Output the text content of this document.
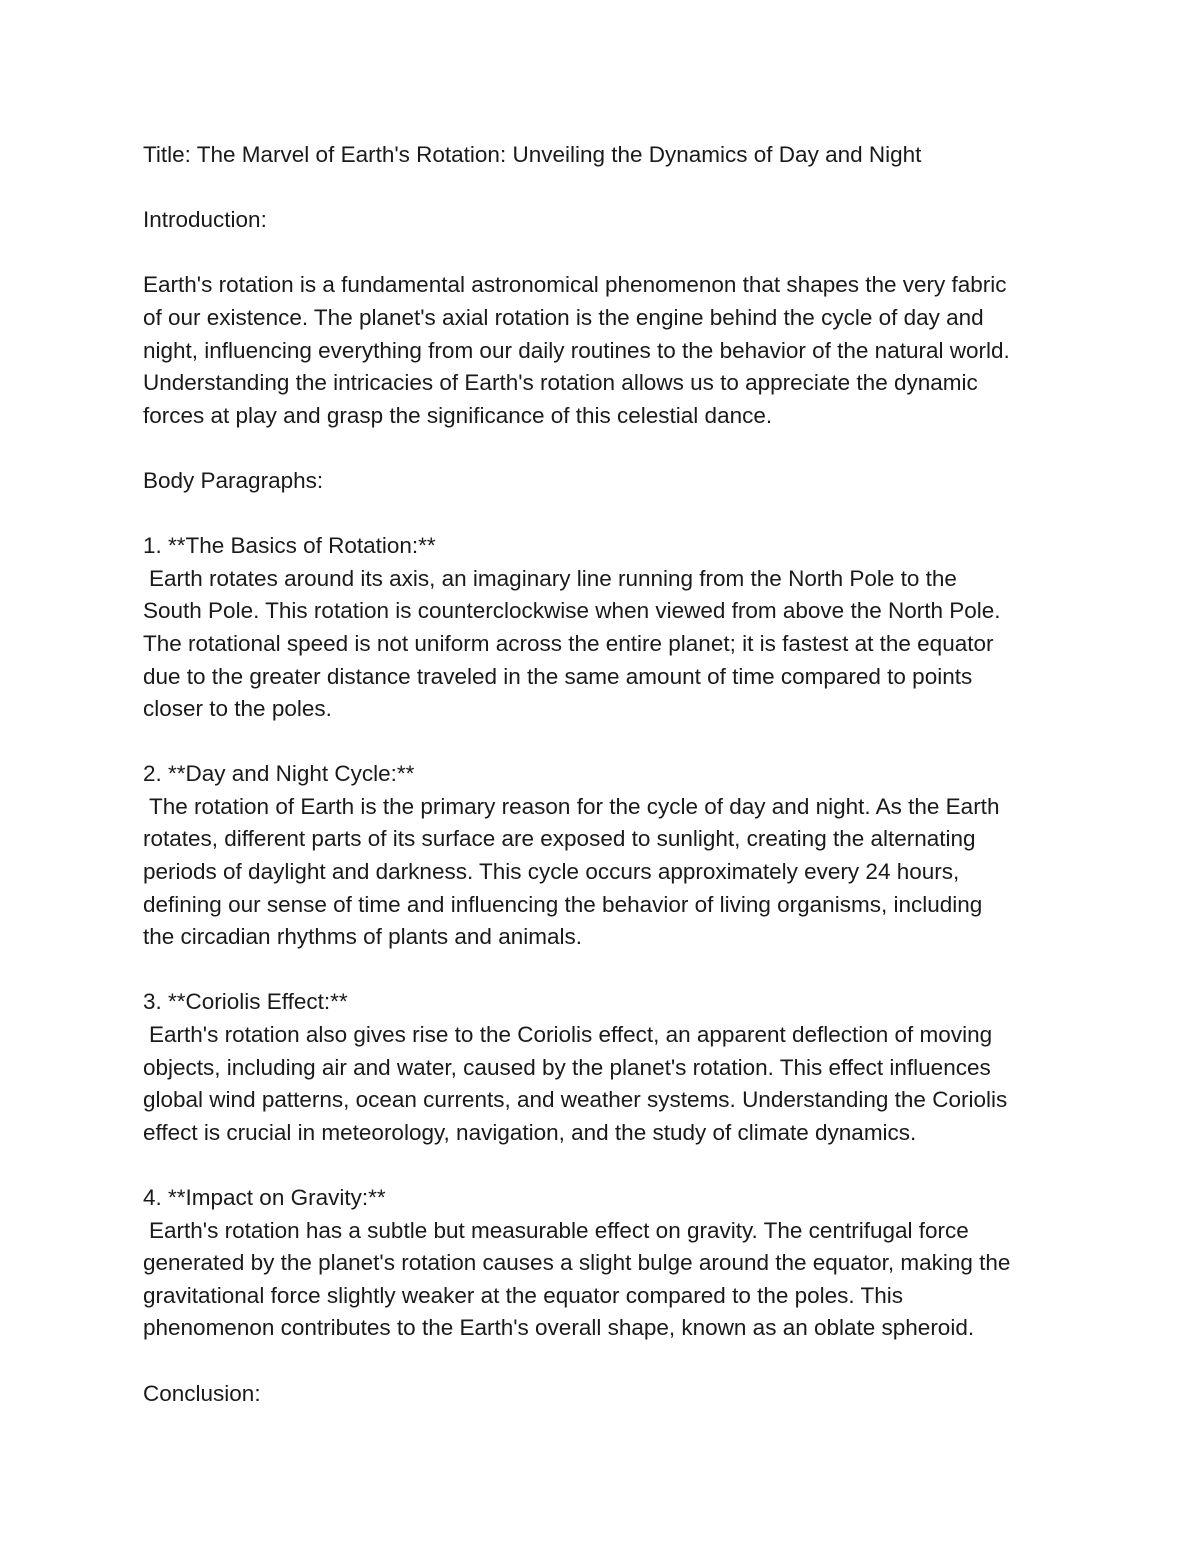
Title: The Marvel of Earth's Rotation: Unveiling the Dynamics of Day and Night
Introduction:
Earth's rotation is a fundamental astronomical phenomenon that shapes the very fabric
of our existence. The planet's axial rotation is the engine behind the cycle of day and
night, influencing everything from our daily routines to the behavior of the natural world.
Understanding the intricacies of Earth's rotation allows us to appreciate the dynamic
forces at play and grasp the significance of this celestial dance.
Body Paragraphs:
1. **The Basics of Rotation:**
Earth rotates around its axis, an imaginary line running from the North Pole to the
South Pole. This rotation is counterclockwise when viewed from above the North Pole.
The rotational speed is not uniform across the entire planet; it is fastest at the equator
due to the greater distance traveled in the same amount of time compared to points
closer to the poles.
2. **Day and Night Cycle:**
The rotation of Earth is the primary reason for the cycle of day and night. As the Earth
rotates, different parts of its surface are exposed to sunlight, creating the alternating
periods of daylight and darkness. This cycle occurs approximately every 24 hours,
defining our sense of time and influencing the behavior of living organisms, including
the circadian rhythms of plants and animals.
3. **Coriolis Effect:**
Earth's rotation also gives rise to the Coriolis effect, an apparent deflection of moving
objects, including air and water, caused by the planet's rotation. This effect influences
global wind patterns, ocean currents, and weather systems. Understanding the Coriolis
effect is crucial in meteorology, navigation, and the study of climate dynamics.
4. **Impact on Gravity:**
Earth's rotation has a subtle but measurable effect on gravity. The centrifugal force
generated by the planet's rotation causes a slight bulge around the equator, making the
gravitational force slightly weaker at the equator compared to the poles. This
phenomenon contributes to the Earth's overall shape, known as an oblate spheroid.
Conclusion:
